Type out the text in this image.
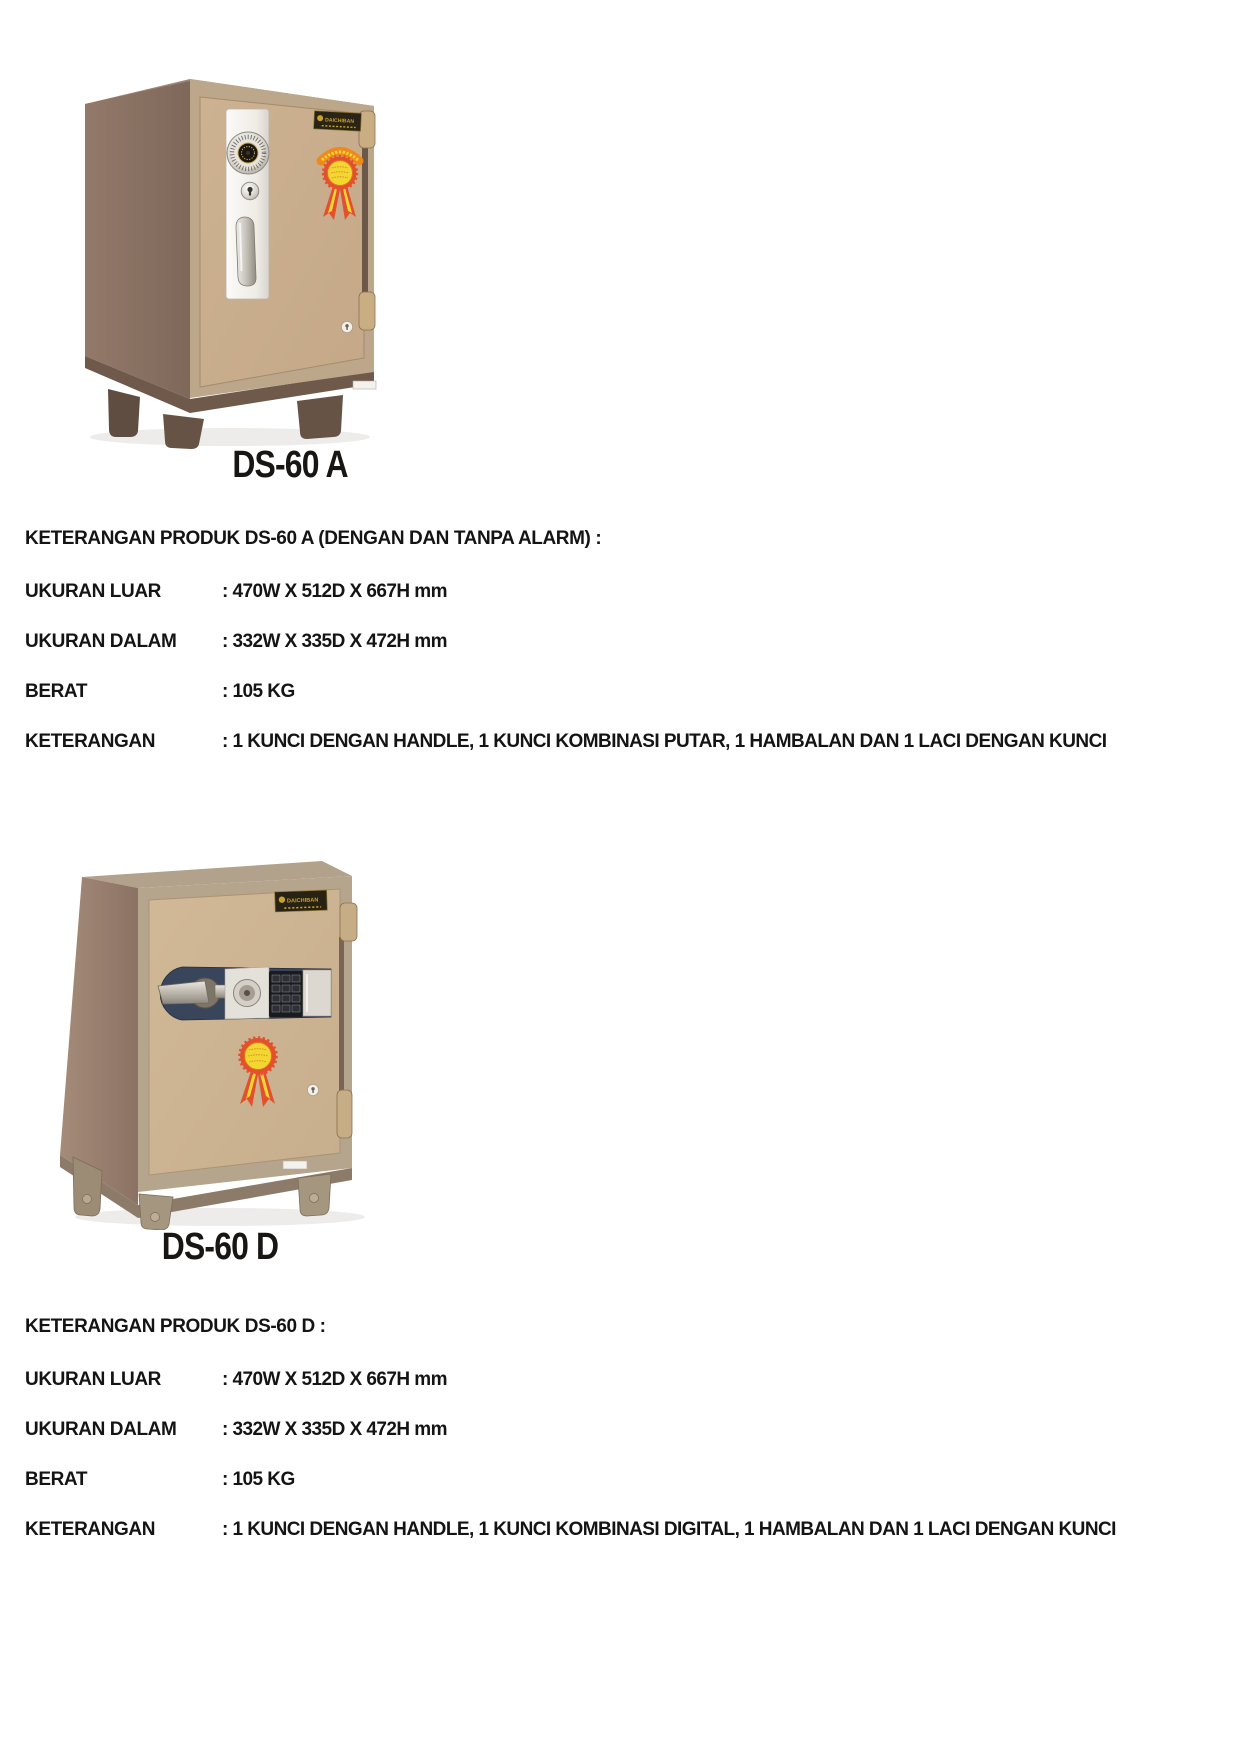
DAICHIBAN
DS-60 A
KETERANGAN PRODUK DS-60 A (DENGAN DAN TANPA ALARM) :
UKURAN LUAR	: 470W X 512D X 667H mm
UKURAN DALAM	: 332W X 335D X 472H mm
BERAT	: 105 KG
KETERANGAN	: 1 KUNCI DENGAN HANDLE, 1 KUNCI KOMBINASI PUTAR, 1 HAMBALAN DAN 1 LACI DENGAN KUNCI
DAICHIBAN
DS-60 D
KETERANGAN PRODUK DS-60 D :
UKURAN LUAR	: 470W X 512D X 667H mm
UKURAN DALAM	: 332W X 335D X 472H mm
BERAT	: 105 KG
KETERANGAN	: 1 KUNCI DENGAN HANDLE, 1 KUNCI KOMBINASI DIGITAL, 1 HAMBALAN DAN 1 LACI DENGAN KUNCI
